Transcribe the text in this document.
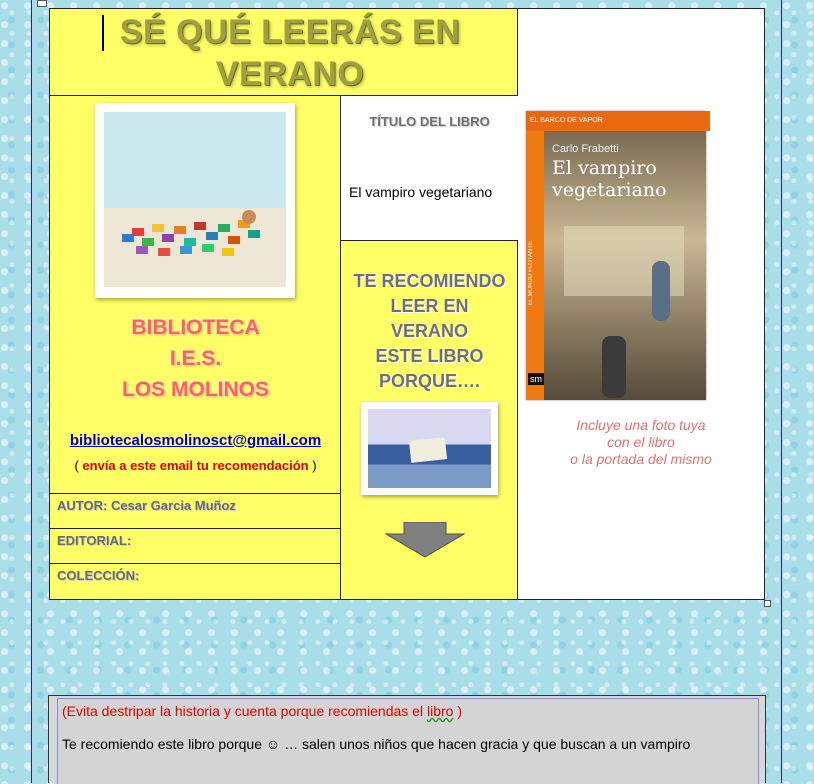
SÉ QUÉ LEERÁS EN VERANO
BIBLIOTECA
I.E.S.
LOS MOLINOS
bibliotecalosmolinosct@gmail.com
( envía a este email tu recomendación )
AUTOR: Cesar Garcia Muñoz
EDITORIAL:
COLECCIÓN:
TÍTULO DEL LIBRO
El vampiro vegetariano
TE RECOMIENDO
LEER EN
VERANO
ESTE LIBRO
PORQUE….
EL BARCO DE VAPOR
EL MUNDO FLOTANTE
Carlo Frabetti
El vampiro vegetariano
sm
Incluye una foto tuya
con el libro
o la portada del mismo
(Evita destripar la historia y cuenta porque recomiendas el libro )
Te recomiendo este libro porque ☺ … salen unos niños que hacen gracia y que buscan a un vampiro
